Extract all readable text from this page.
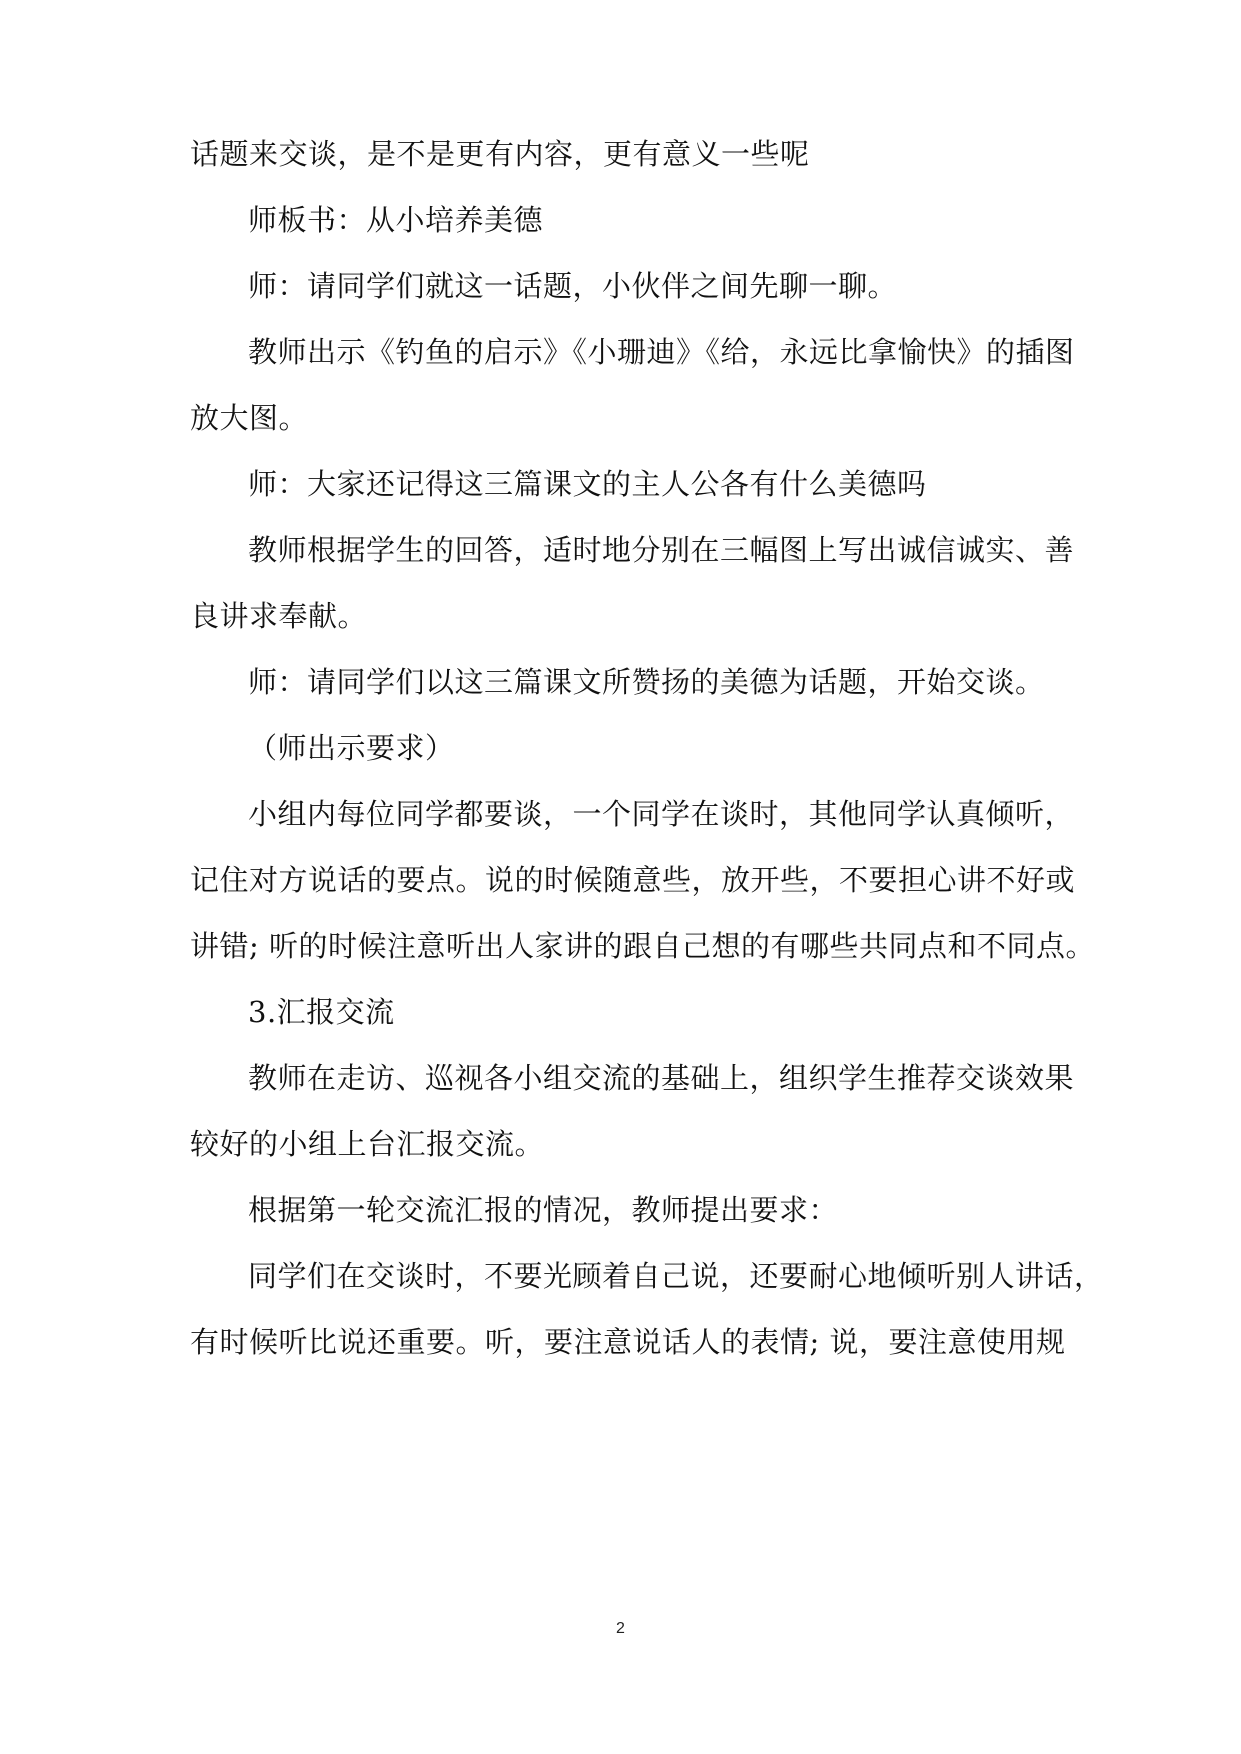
话题来交谈，是不是更有内容，更有意义一些呢
师板书：从小培养美德
师：请同学们就这一话题，小伙伴之间先聊一聊。
教师出示《钓鱼的启示》《小珊迪》《给，永远比拿愉快》的插图
放大图。
师：大家还记得这三篇课文的主人公各有什么美德吗
教师根据学生的回答，适时地分别在三幅图上写出诚信诚实、善
良讲求奉献。
师：请同学们以这三篇课文所赞扬的美德为话题，开始交谈。
（师出示要求）
小组内每位同学都要谈，一个同学在谈时，其他同学认真倾听，
记住对方说话的要点。说的时候随意些，放开些，不要担心讲不好或
讲错; 听的时候注意听出人家讲的跟自己想的有哪些共同点和不同点。
3.汇报交流
教师在走访、巡视各小组交流的基础上，组织学生推荐交谈效果
较好的小组上台汇报交流。
根据第一轮交流汇报的情况，教师提出要求：
同学们在交谈时，不要光顾着自己说，还要耐心地倾听别人讲话，
有时候听比说还重要。听，要注意说话人的表情; 说，要注意使用规
2
